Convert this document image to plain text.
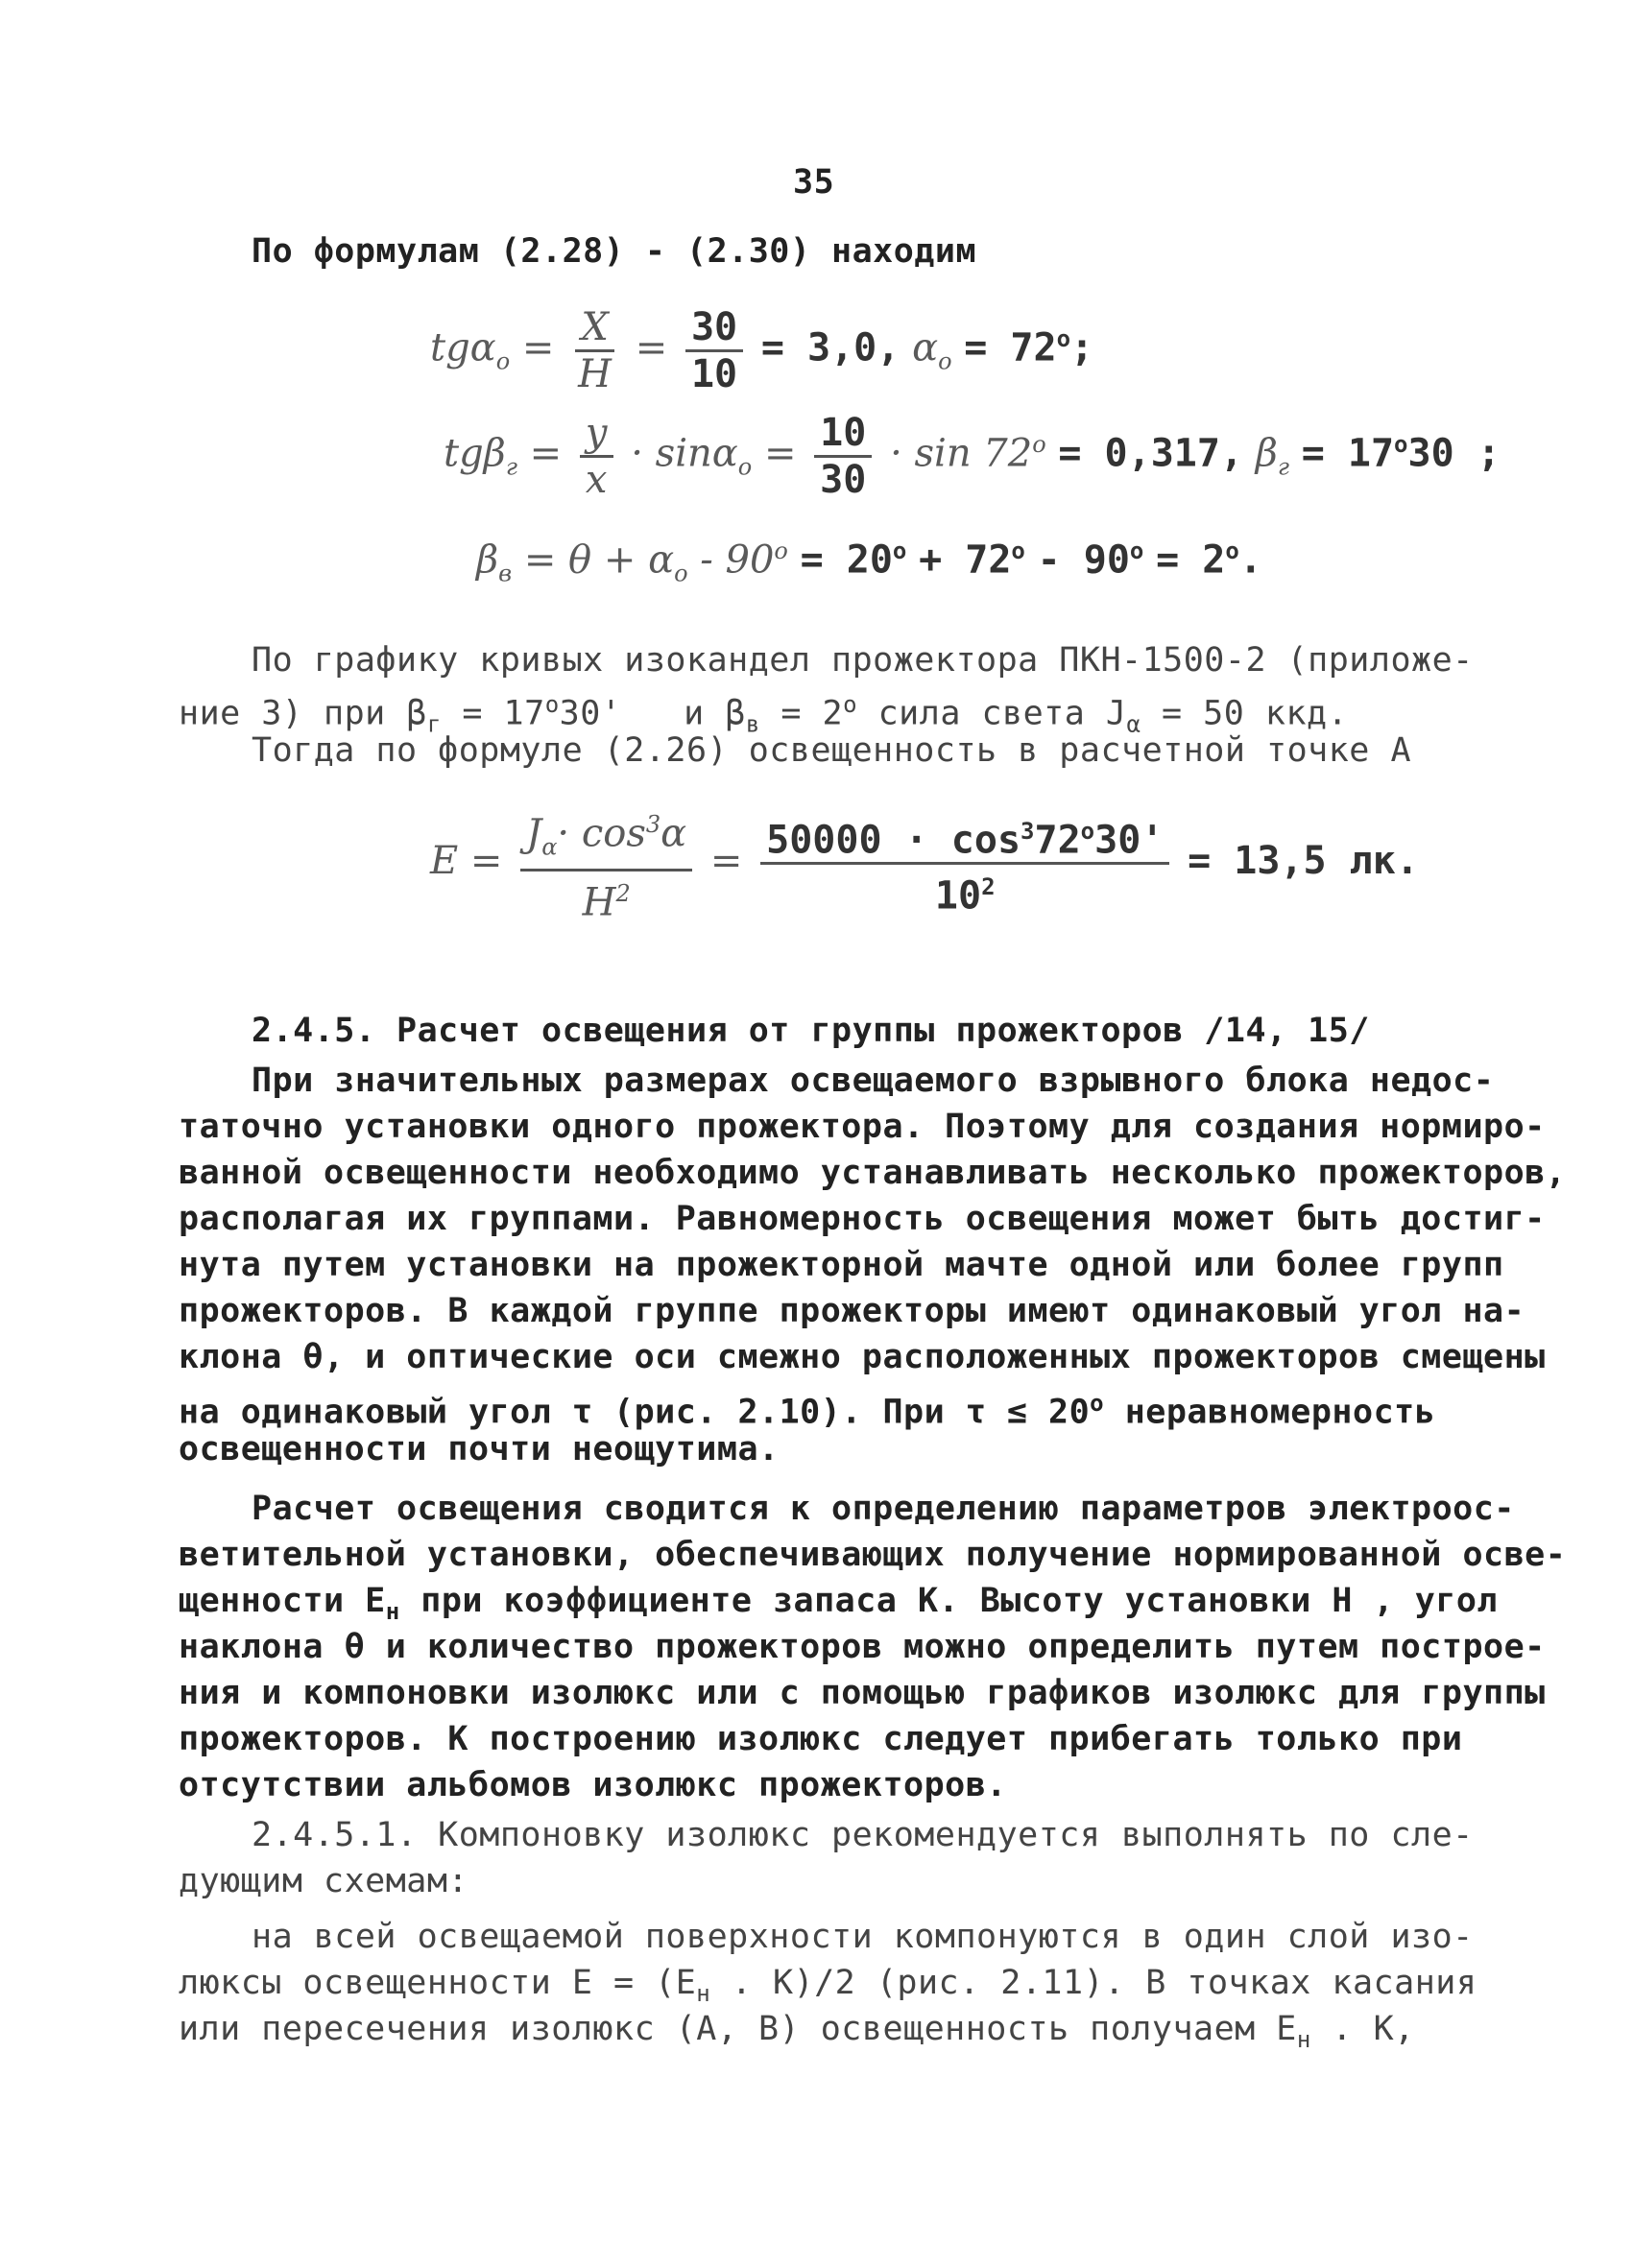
35
По формулам (2.28) - (2.30) находим
$tg\alpha_o = \frac{X}{H} = \frac{30}{10} = 3,0$, $\alpha_o = 72^o$;
$tg\beta_г = \frac{y}{x} \cdot \sin\alpha_o = \frac{10}{30} \cdot \sin 72^o = 0,317$, $\beta_г = 17^o30$ ;
$\beta_в = \theta + \alpha_o - 90^o = 20^o + 72^o - 90^o = 2^o$.
По графику кривых изокандел прожектора ПКН-1500-2 (приложе-
ние 3) при $\beta_г = 17^o30'$   и $\beta_в = 2^o$ сила света $J_\alpha = 50$ ккд.
Тогда по формуле (2.26) освещенность в расчетной точке А
$E = \frac{J_\alpha\cdot \cos^3\alpha}{H^2} = \frac{50000 \cdot \cos^372^o30'}{10^2} = 13,5$ лк.
2.4.5. Расчет освещения от группы прожекторов /14, 15/
При значительных размерах освещаемого взрывного блока недос-
таточно установки одного прожектора. Поэтому для создания нормиро-
ванной освещенности необходимо устанавливать несколько прожекторов,
располагая их группами. Равномерность освещения может быть достиг-
нута путем установки на прожекторной мачте одной или более групп
прожекторов. В каждой группе прожекторы имеют одинаковый угол на-
клона θ, и оптические оси смежно расположенных прожекторов смещены
на одинаковый угол τ (рис. 2.10). При $\tau \le 20^o$ неравномерность
освещенности почти неощутима.
Расчет освещения сводится к определению параметров электроос-
ветительной установки, обеспечивающих получение нормированной осве-
щенности $Е_н$ при коэффициенте запаса К. Высоту установки H , угол
наклона θ и количество прожекторов можно определить путем построе-
ния и компоновки изолюкс или с помощью графиков изолюкс для группы
прожекторов. К построению изолюкс следует прибегать только при
отсутствии альбомов изолюкс прожекторов.
2.4.5.1. Компоновку изолюкс рекомендуется выполнять по сле-
дующим схемам:
на всей освещаемой поверхности компонуются в один слой изо-
люксы освещенности $Е = (Е_н$ . К)/2 (рис. 2.11). В точках касания
или пересечения изолюкс (А, В) освещенность получаем $Е_н$ . К,
